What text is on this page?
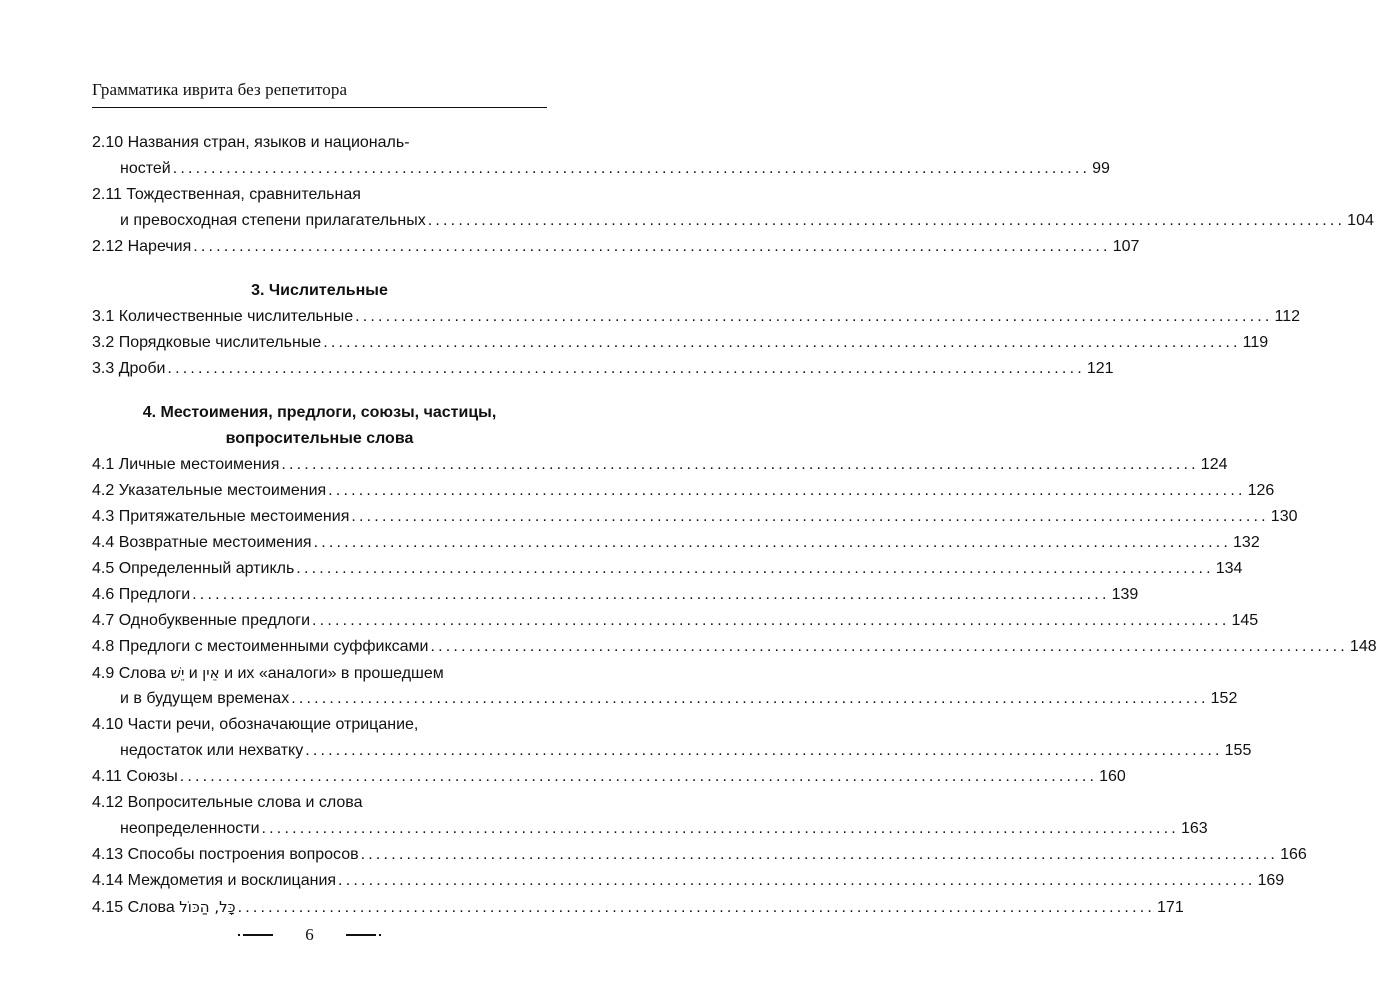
Грамматика иврита без репетитора
2.10 Названия стран, языков и националь-
ностей ........................................................................................................................ 99
2.11 Тождественная, сравнительная
и превосходная степени прилагательных ........................................................................................................................ 104
2.12 Наречия ........................................................................................................................ 107
3. Числительные
3.1 Количественные числительные ........................................................................................................................ 112
3.2 Порядковые числительные ........................................................................................................................ 119
3.3 Дроби ........................................................................................................................ 121
4. Местоимения, предлоги, союзы, частицы,
вопросительные слова
4.1 Личные местоимения ........................................................................................................................ 124
4.2 Указательные местоимения ........................................................................................................................ 126
4.3 Притяжательные местоимения ........................................................................................................................ 130
4.4 Возвратные местоимения ........................................................................................................................ 132
4.5 Определенный артикль ........................................................................................................................ 134
4.6 Предлоги ........................................................................................................................ 139
4.7 Однобуквенные предлоги ........................................................................................................................ 145
4.8 Предлоги с местоименными суффиксами ........................................................................................................................ 148
4.9 Слова יֵשׁ и אֵין и их «аналоги» в прошедшем
и в будущем временах ........................................................................................................................ 152
4.10 Части речи, обозначающие отрицание,
недостаток или нехватку ........................................................................................................................ 155
4.11 Союзы ........................................................................................................................ 160
4.12 Вопросительные слова и слова
неопределенности ........................................................................................................................ 163
4.13 Способы построения вопросов ........................................................................................................................ 166
4.14 Междометия и восклицания ........................................................................................................................ 169
4.15 Слова כָּל, הַכּוֹל ........................................................................................................................ 171
6
